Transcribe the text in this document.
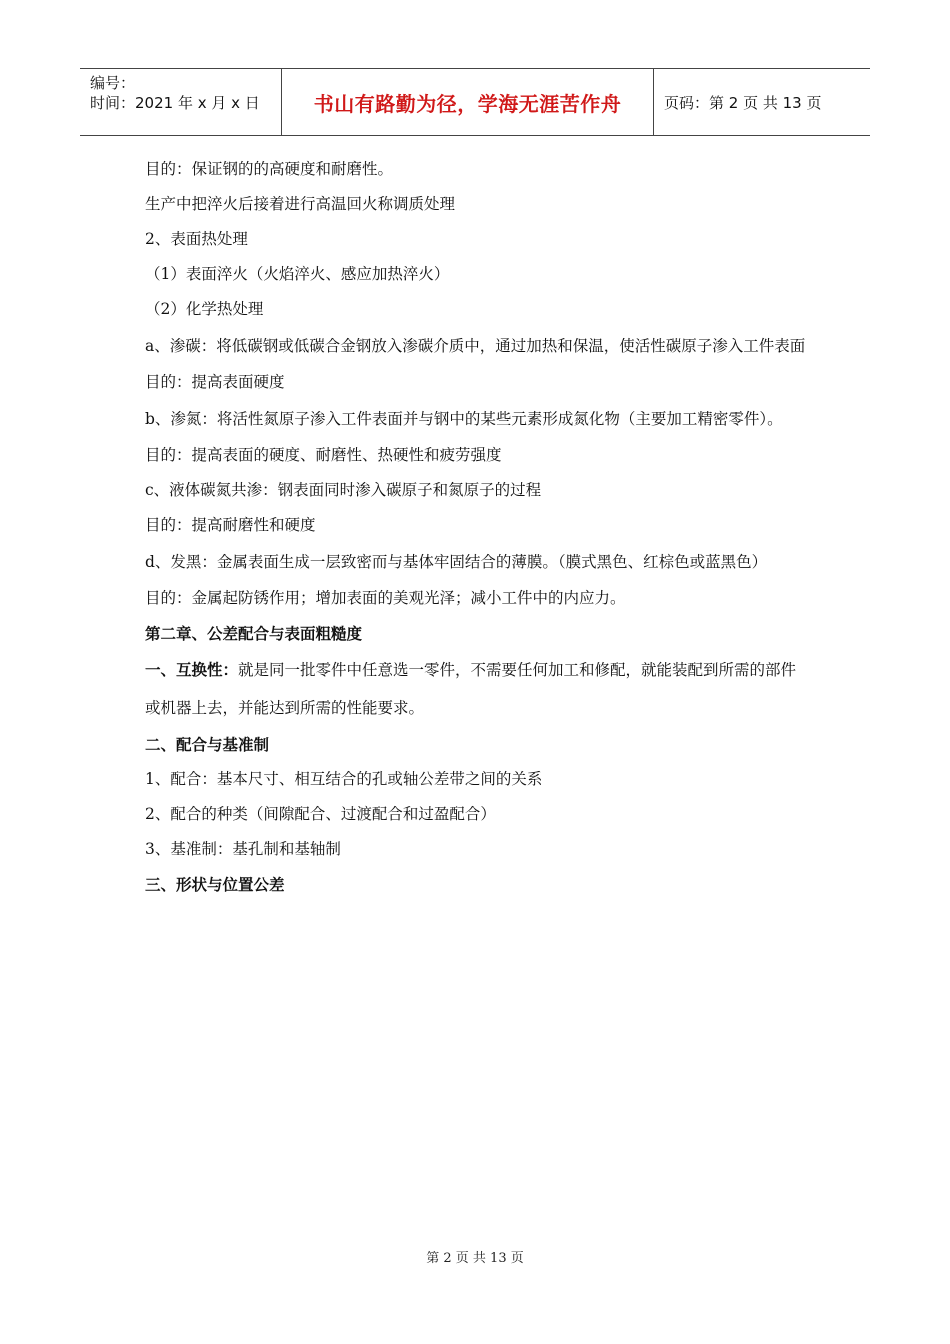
编号：
时间：2021 年 x 月 x 日	书山有路勤为径，学海无涯苦作舟	页码：第 2 页 共 13 页

目的：保证钢的的高硬度和耐磨性。

生产中把淬火后接着进行高温回火称调质处理

2、表面热处理

（1）表面淬火（火焰淬火、感应加热淬火）

（2）化学热处理

a、渗碳：将低碳钢或低碳合金钢放入渗碳介质中，通过加热和保温，使活性碳原子渗入工件表面

目的：提高表面硬度

b、渗氮：将活性氮原子渗入工件表面并与钢中的某些元素形成氮化物（主要加工精密零件）。

目的：提高表面的硬度、耐磨性、热硬性和疲劳强度

c、液体碳氮共渗：钢表面同时渗入碳原子和氮原子的过程

目的：提高耐磨性和硬度

d、发黑：金属表面生成一层致密而与基体牢固结合的薄膜。（膜式黑色、红棕色或蓝黑色）

目的：金属起防锈作用；增加表面的美观光泽；减小工件中的内应力。

第二章、公差配合与表面粗糙度

一、互换性：就是同一批零件中任意选一零件，不需要任何加工和修配，就能装配到所需的部件或机器上去，并能达到所需的性能要求。

二、配合与基准制

1、配合：基本尺寸、相互结合的孔或轴公差带之间的关系

2、配合的种类（间隙配合、过渡配合和过盈配合）

3、基准制：基孔制和基轴制

三、形状与位置公差

第 2 页 共 13 页
